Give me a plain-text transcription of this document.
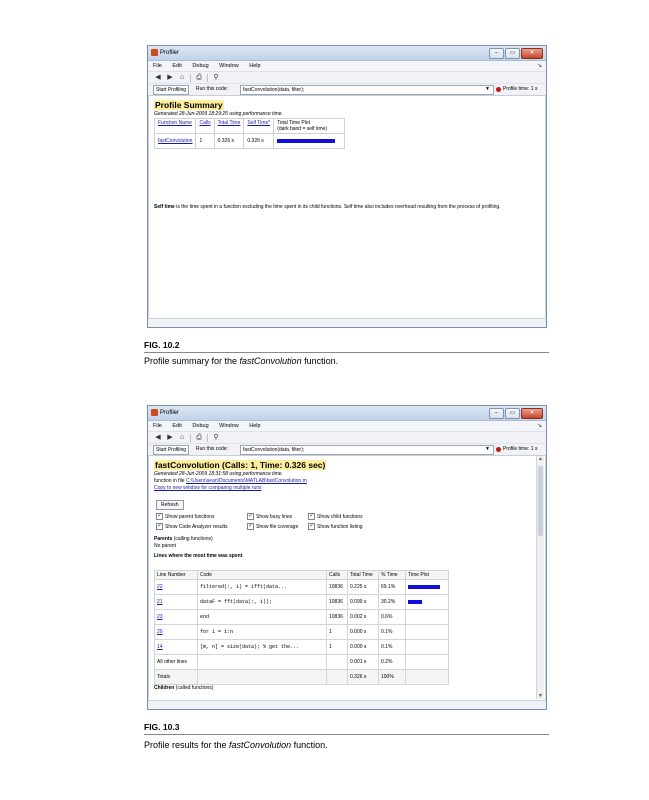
Profiler	–	▭	✕
File Edit Debug Window Help	↘
◀ ▶ ⌂ ⎙ ⚲
Start Profiling	Run this code:	fastConvolution(data, filter);	▼	Profile time: 1 s
Profile Summary
Generated 28-Jun-2009 18:29:25 using performance time.
Function Name	Calls	Total Time	Self Time*	Total Time Plot
(dark band = self time)
fastConvolution	1	0.326 s	0.326 s	
Self time is the time spent in a function excluding the time spent in its child functions. Self time also includes overhead resulting from the process of profiling.
FIG. 10.2
Profile summary for the fastConvolution function.
Profiler	–	▭	✕
File Edit Debug Window Help	↘
◀ ▶ ⌂ ⎙ ⚲
Start Profiling	Run this code:	fastConvolution(data, filter);	▼	Profile time: 1 s
fastConvolution (Calls: 1, Time: 0.326 sec)
Generated 28-Jun-2009 18:31:58 using performance time.
function in file C:\Users\sean\Documents\MATLAB\fastConvolution.m
Copy to new window for comparing multiple runs
Refresh
✓ Show parent functions	✓ Show busy lines	✓ Show child functions
✓ Show Code Analyzer results	✓ Show file coverage ✓ Show function listing
Parents (calling functions)
No parent
Lines where the most time was spent
Line Number	Code	Calls	Total Time	% Time	Time Plot
22	filtered(:, i) = ifft(data...	10836	0.225 s	69.1%	
21	dataF = fft(data(:, i));	10836	0.099 s	30.2%	
23	end	10836	0.002 s	0.6%	
20	for i = 1:n	1	0.000 s	0.1%	
14	[m, n] = size(data); % get the...	1	0.000 s	0.1%	
All other lines			0.001 s	0.2%	
Totals			0.326 s	100%	
Children (called functions)
▲
▼
FIG. 10.3
Profile results for the fastConvolution function.
